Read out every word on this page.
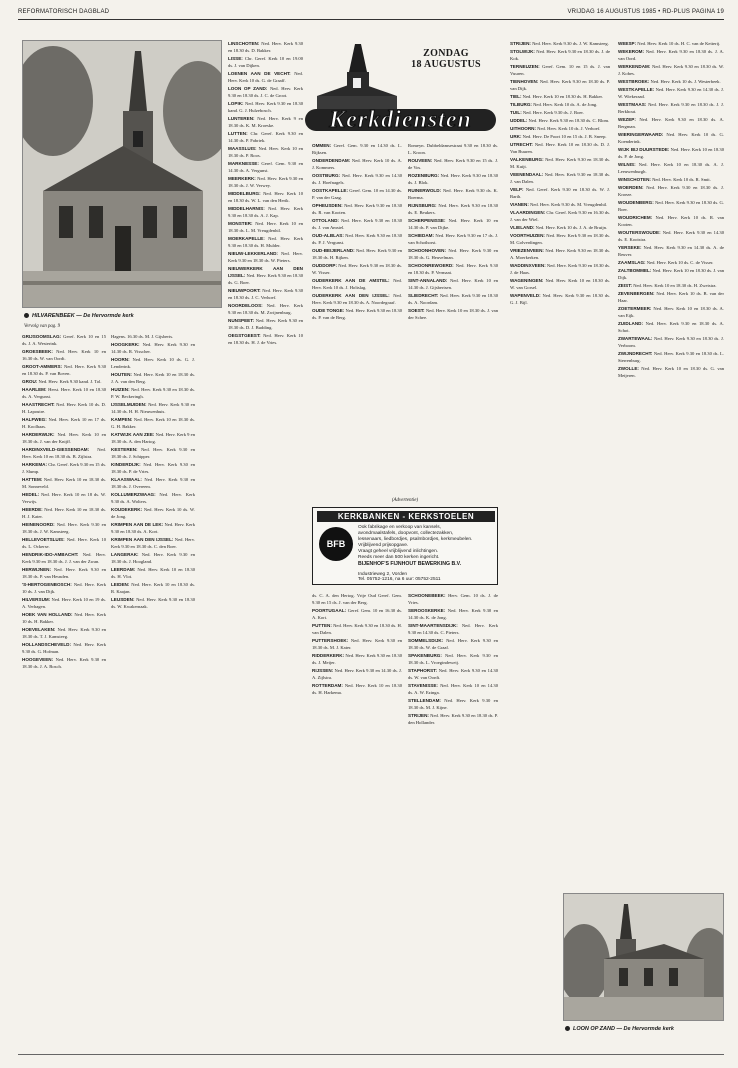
REFORMATORISCH DAGBLAD	VRIJDAG 16 AUGUSTUS 1985 • RD-PLUS PAGINA 19
HILVARENBEEK — De Hervormde kerk
Vervolg van pag. 9

GRIJSOOMSLAG: Geref. Kerk 10 en 15 ds. J. A. Westerink.

GROESBEEK: Ned. Herv. Kerk 10 en 16.30 ds. W. van Oordt.

GROOT-AMMERS: Ned. Herv. Kerk 9.30 en 18.30 ds. P. van Boven.

GROU: Ned. Herv. Kerk 9.30 kand. J. Tol.

HAARLEM: Herst. Herv. Kerk 10 en 18.30 ds. A. Vergunst.

HAASTRECHT: Ned. Herv. Kerk 10 ds. D. H. Lapoutre.

HALFWEG: Ned. Herv. Kerk 10 en 17 ds. H. Koolhaas.

HARDERWIJK: Ned. Herv. Kerk 10 en 18.30 ds. J. van der Knijff.

HARDINXVELD-GIESSENDAM: Ned. Herv. Kerk 10 en 18.30 ds. B. Zijlstra.

HARKEMA: Chr. Geref. Kerk 9.30 en 15 ds. J. Slump.

HATTEM: Ned. Herv. Kerk 10 en 18.30 ds. M. Sonneveld.

HEDEL: Ned. Herv. Kerk 10 en 18 ds. W. Verwijs.

HEERDE: Ned. Herv. Kerk 10 en 18.30 ds. H. J. Kater.

HEINENOORD: Ned. Herv. Kerk 9.30 en 18.30 ds. J. W. Kamsteeg.

HELLEVOETSLUIS: Ned. Herv. Kerk 10 ds. L. Ockerse.

HENDRIK-IDO-AMBACHT: Ned. Herv. Kerk 9.30 en 18.30 ds. J. J. van der Zwan.

HERWIJNEN: Ned. Herv. Kerk 9.30 en 18.30 ds. P. van Heusden.

'S-HERTOGENBOSCH: Ned. Herv. Kerk 10 ds. J. van Dijk.

HILVERSUM: Ned. Herv. Kerk 10 en 19 ds. A. Verhagen.

HOEK VAN HOLLAND: Ned. Herv. Kerk 10 ds. H. Bakker.

HOEVELAKEN: Ned. Herv. Kerk 9.30 en 18.30 ds. T. J. Kamsteeg.

HOLLANDSCHEVELD: Ned. Herv. Kerk 9.30 ds. G. Hofman.

HOOGEVEEN: Ned. Herv. Kerk 9.30 en 18.30 ds. J. A. Bosch.

Hagens. 16.30 ds. M. J. Gijsberts.

HOOGKERK: Ned. Herv. Kerk 9.30 en 14.30 ds. R. Visscher.

HOORN: Ned. Herv. Kerk 10 ds. G. J. Lenderink.

HOUTEN: Ned. Herv. Kerk 10 en 18.30 ds. J. A. van den Berg.

HUIZEN: Ned. Herv. Kerk 9.30 en 18.30 ds. P. W. Beckeringh.

IJSSELMUIDEN: Ned. Herv. Kerk 9.30 en 14.30 ds. H. H. Nieuwenhuis.

KAMPEN: Ned. Herv. Kerk 10 en 18.30 ds. G. H. Bakker.

KATWIJK AAN ZEE: Ned. Herv. Kerk 9 en 18.30 ds. A. den Hartog.

KESTEREN: Ned. Herv. Kerk 9.30 en 18.30 ds. J. Schipper.

KINDERDIJK: Ned. Herv. Kerk 9.30 en 18.30 ds. P. de Vries.

KLAASWAAL: Ned. Herv. Kerk 9.30 en 18.30 ds. J. Overeem.

KOLLUMERZWAAG: Ned. Herv. Kerk 9.30 ds. A. Wolters.

KOUDEKERK: Ned. Herv. Kerk 10 ds. W. de Jong.

KRIMPEN AAN DE LEK: Ned. Herv. Kerk 9.30 en 18.30 ds. A. Kort.

KRIMPEN AAN DEN IJSSEL: Ned. Herv. Kerk 9.30 en 18.30 ds. C. den Boer.

LANGERAK: Ned. Herv. Kerk 9.30 en 18.30 ds. J. Hoogland.

LEERDAM: Ned. Herv. Kerk 10 en 18.30 ds. H. Vlot.

LEIDEN: Ned. Herv. Kerk 10 en 18.30 ds. R. Kaajan.

LEUSDEN: Ned. Herv. Kerk 9.30 en 18.30 ds. W. Kwakernaak.

LINSCHOTEN: Ned. Herv. Kerk 9.30 en 18.30 ds. D. Bakker.

LISSE: Chr. Geref. Kerk 10 en 19.00 ds. J. van Dijken.

LOENEN AAN DE VECHT: Ned. Herv. Kerk 10 ds. G. de Graaff.

LOON OP ZAND: Ned. Herv. Kerk 9.30 en 18.30 ds. J. C. de Groot.

LOPIK: Ned. Herv. Kerk 9.30 en 18.30 kand. G. J. Hulzebosch.

LUNTEREN: Ned. Herv. Kerk 9 en 18.30 ds. K. M. Kroeske.

LUTTEN: Chr. Geref. Kerk 9.30 en 14.30 ds. P. Fabriek.

MAASSLUIS: Ned. Herv. Kerk 10 en 18.30 ds. P. Roos.

MARKNESSE: Geref. Gem. 9.30 en 14.30 ds. A. Vergunst.

MEERKERK: Ned. Herv. Kerk 9.30 en 18.30 ds. J. W. Verwey.

MIDDELBURG: Ned. Herv. Kerk 10 en 18.30 ds. W. L. van den Herik.

MIDDELHARNIS: Ned. Herv. Kerk 9.30 en 18.30 ds. A. J. Kap.

MONSTER: Ned. Herv. Kerk 10 en 18.30 ds. L. M. Vreugdenhil.

MOERKAPELLE: Ned. Herv. Kerk 9.30 en 18.30 ds. H. Mulder.

NIEUW-LEKKERLAND: Ned. Herv. Kerk 9.30 en 18.30 ds. W. Pieters.

NIEUWERKERK AAN DEN IJSSEL: Ned. Herv. Kerk 9.30 en 18.30 ds. G. Boer.

NIEUWPOORT: Ned. Herv. Kerk 9.30 en 18.30 ds. J. C. Verhoef.

NOORDELOOS: Ned. Herv. Kerk 9.30 en 18.30 ds. M. Zwijnenburg.

NUNSPEET: Ned. Herv. Kerk 9.30 en 18.30 ds. D. J. Budding.

OEGSTGEEST: Ned. Herv. Kerk 10 en 18.30 ds. H. J. de Vries.

ZONDAG
18 AUGUSTUS
Kerkdiensten

OMMEN: Geref. Gem. 9.30 en 14.30 ds. L. Rijksen.

ONDERDENDAM: Ned. Herv. Kerk 10 ds. A. J. Kommers.

OOSTBURG: Ned. Herv. Kerk 9.30 en 14.30 ds. J. Hoefnagels.

OOSTKAPELLE: Geref. Gem. 10 en 14.30 ds. P. van der Gaag.

OPHEUSDEN: Ned. Herv. Kerk 9.30 en 18.30 ds. R. van Kooten.

OTTOLAND: Ned. Herv. Kerk 9.30 en 18.30 ds. J. van Amstel.

OUD-ALBLAS: Ned. Herv. Kerk 9.30 en 18.30 ds. P. J. Vergunst.

OUD-BEIJERLAND: Ned. Herv. Kerk 9.30 en 18.30 ds. H. Rijken.

OUDDORP: Ned. Herv. Kerk 9.30 en 18.30 ds. W. Visser.

OUDERKERK AAN DE AMSTEL: Ned. Herv. Kerk 10 ds. J. Holtslag.

OUDERKERK AAN DEN IJSSEL: Ned. Herv. Kerk 9.30 en 18.30 ds. A. Noordegraaf.

OUDE TONGE: Ned. Herv. Kerk 9.30 en 18.30 ds. P. van de Berg.

Romeyn. Dubbeldamsestraat 9.30 en 18.30 ds. L. Kroon.

ROUVEEN: Ned. Herv. Kerk 9.30 en 15 ds. J. de Vos.

ROZENBURG: Ned. Herv. Kerk 9.30 en 18.30 ds. J. Blok.

RUINERWOLD: Ned. Herv. Kerk 9.30 ds. K. Boerma.

RIJNSBURG: Ned. Herv. Kerk 9.30 en 18.30 ds. E. Beukers.

SCHERPENISSE: Ned. Herv. Kerk 10 en 14.30 ds. P. van Dijke.

SCHIEDAM: Ned. Herv. Kerk 9.30 en 17 ds. J. van Schothorst.

SCHOONHOVEN: Ned. Herv. Kerk 9.30 en 18.30 ds. G. Heuvelman.

SCHOONREWOERD: Ned. Herv. Kerk 9.30 en 18.30 ds. P. Vermaat.

SINT-ANNALAND: Ned. Herv. Kerk 10 en 14.30 ds. J. Gijsbertsen.

SLIEDRECHT: Ned. Herv. Kerk 9.30 en 18.30 ds. A. Noordam.

SOEST: Ned. Herv. Kerk 10 en 18.30 ds. J. van der Schee.

(Advertentie)
KERKBANKEN - KERKSTOELEN
BFB
Ook fabrikage en verkoop van kansels,
avondmaalstafels, doopvont, collectezakken,
lessenaars, liedbordjes, psalmbordjes, kerkmeubelen.
Vrijblijvend prijsopgave.
Vraagt geheel vrijblijvend inlichtingen.
Reeds meer dan 500 kerken ingericht.
BIJENHOF'S FIJNHOUT BEWERKING B.V.
Industrieweg 2, Vorden
Tel. 05752-1216, na 6 uur: 05752-2511

ds. C. A. den Hertog. Vrije Oud Geref. Gem. 9.30 en 15 ds. J. van der Berg.

POORTUGAAL: Geref. Gem. 10 en 16.30 ds. A. Kort.

PUTTEN: Ned. Herv. Kerk 9.30 en 18.30 ds. H. van Dalen.

PUTTERSHOEK: Ned. Herv. Kerk 9.30 en 18.30 ds. M. J. Kater.

RIDDERKERK: Ned. Herv. Kerk 9.30 en 18.30 ds. J. Meijer.

RIJSSEN: Ned. Herv. Kerk 9.30 en 14.30 ds. J. A. Zijlstra.

ROTTERDAM: Ned. Herv. Kerk 10 en 18.30 ds. H. Harkema.

SCHOONEBEEK: Herv. Gem. 10 ds. J. de Vries.

SEROOSKERKE: Ned. Herv. Kerk 9.30 en 14.30 ds. K. de Jong.

SINT-MAARTENSDIJK: Ned. Herv. Kerk 9.30 en 14.30 ds. C. Pieters.

SOMMELSDIJK: Ned. Herv. Kerk 9.30 en 18.30 ds. W. de Graaf.

SPAKENBURG: Ned. Herv. Kerk 9.30 en 18.30 ds. L. Vroegindeweij.

STAPHORST: Ned. Herv. Kerk 9.30 en 14.30 ds. W. van Oordt.

STAVENISSE: Ned. Herv. Kerk 10 en 14.30 ds. A. W. Ezinga.

STELLENDAM: Ned. Herv. Kerk 9.30 en 18.30 ds. M. J. Kijne.

STRIJEN: Ned. Herv. Kerk 9.30 en 18.30 ds. P. den Hollander.

STRIJEN: Ned. Herv. Kerk 9.30 ds. J. W. Kamsteeg.

STOLWIJK: Ned. Herv. Kerk 9.30 en 18.30 ds. J. de Kok.

TERNEUZEN: Geref. Gem. 10 en 15 ds. J. van Vuuren.

TIENHOVEN: Ned. Herv. Kerk 9.30 en 18.30 ds. P. van Dijk.

TIEL: Ned. Herv. Kerk 10 en 18.30 ds. H. Bakker.

TILBURG: Ned. Herv. Kerk 10 ds. A. de Jong.

TUIL: Ned. Herv. Kerk 9.30 ds. J. Boer.

UDDEL: Ned. Herv. Kerk 9.30 en 18.30 ds. C. Blom.

UITHOORN: Ned. Herv. Kerk 10 ds. J. Verhoef.

URK: Ned. Herv. De Poort 10 en 15 ds. J. B. Sneep.

UTRECHT: Ned. Herv. Kerk 10 en 18.30 ds. D. J. Van Buuren.

VALKENBURG: Ned. Herv. Kerk 9.30 en 18.30 ds. M. Kuijt.

VEENENDAAL: Ned. Herv. Kerk 9.30 en 18.30 ds. J. van Dalen.

VELP: Ned. Geref. Kerk 9.30 en 18.30 ds. W. J. Barth.

VIANEN: Ned. Herv. Kerk 9.30 ds. M. Vreugdenhil.

VLAARDINGEN: Chr. Geref. Kerk 9.30 en 16.30 ds. J. van der Wiel.

VLIELAND: Ned. Herv. Kerk 10 ds. J. A. de Bruijn.

VOORTHUIZEN: Ned. Herv. Kerk 9.30 en 18.30 ds. M. Golverdingen.

VRIEZENVEEN: Ned. Herv. Kerk 9.30 en 18.30 ds. A. Moerkerken.

WADDINXVEEN: Ned. Herv. Kerk 9.30 en 18.30 ds. J. de Haas.

WAGENINGEN: Ned. Herv. Kerk 10 en 18.30 ds. W. van Gorsel.

WAPENVELD: Ned. Herv. Kerk 9.30 en 18.30 ds. G. J. Bijl.

WEESP: Ned. Herv. Kerk 10 ds. H. C. van de Ketterij.

WEKEROM: Ned. Herv. Kerk 9.30 en 18.30 ds. J. A. van Oord.

WERKENDAM: Ned. Herv. Kerk 9.30 en 18.30 ds. W. J. Kobes.

WESTBROEK: Ned. Herv. Kerk 10 ds. J. Westerbeek.

WESTKAPELLE: Ned. Herv. Kerk 9.30 en 14.30 ds. J. W. Wiekeraad.

WESTMAAS: Ned. Herv. Kerk 9.30 en 18.30 ds. J. J. Berkhout.

WEZEP: Ned. Herv. Kerk 9.30 en 18.30 ds. A. Bergman.

WIERINGERWAARD: Ned. Herv. Kerk 10 ds. G. Koenderink.

WIJK BIJ DUURSTEDE: Ned. Herv. Kerk 10 en 18.30 ds. P. de Jong.

WILNIS: Ned. Herv. Kerk 10 en 18.30 ds. A. J. Leeuwenburgh.

WINSCHOTEN: Ned. Herv. Kerk 10 ds. R. Smit.

WOERDEN: Ned. Herv. Kerk 9.30 en 18.30 ds. J. Kroeze.

WOUDENBERG: Ned. Herv. Kerk 9.30 en 18.30 ds. G. Boer.

WOUDRICHEM: Ned. Herv. Kerk 10 ds. R. van Kooten.

WOUTERSWOUDE: Ned. Herv. Kerk 9.30 en 14.30 ds. E. Kooistra.

YERSEKE: Ned. Herv. Kerk 9.30 en 14.30 ds. A. de Reuver.

ZAAMSLAG: Ned. Herv. Kerk 10 ds. C. de Visser.

ZALTBOMMEL: Ned. Herv. Kerk 10 en 18.30 ds. J. van Dijk.

ZEIST: Ned. Herv. Kerk 10 en 18.30 ds. H. Zweistra.

ZEVENBERGEN: Ned. Herv. Kerk 10 ds. B. van der Haar.

ZOETERMEER: Ned. Herv. Kerk 10 en 18.30 ds. A. van Eijk.

ZUIDLAND: Ned. Herv. Kerk 9.30 en 18.30 ds. A. Schot.

ZWARTEWAAL: Ned. Herv. Kerk 9.30 en 18.30 ds. J. Verboom.

ZWIJNDRECHT: Ned. Herv. Kerk 9.30 en 18.30 ds. L. Sterrenburg.

ZWOLLE: Ned. Herv. Kerk 10 en 18.30 ds. G. van Meijeren.

LOON OP ZAND — De Hervormde kerk
